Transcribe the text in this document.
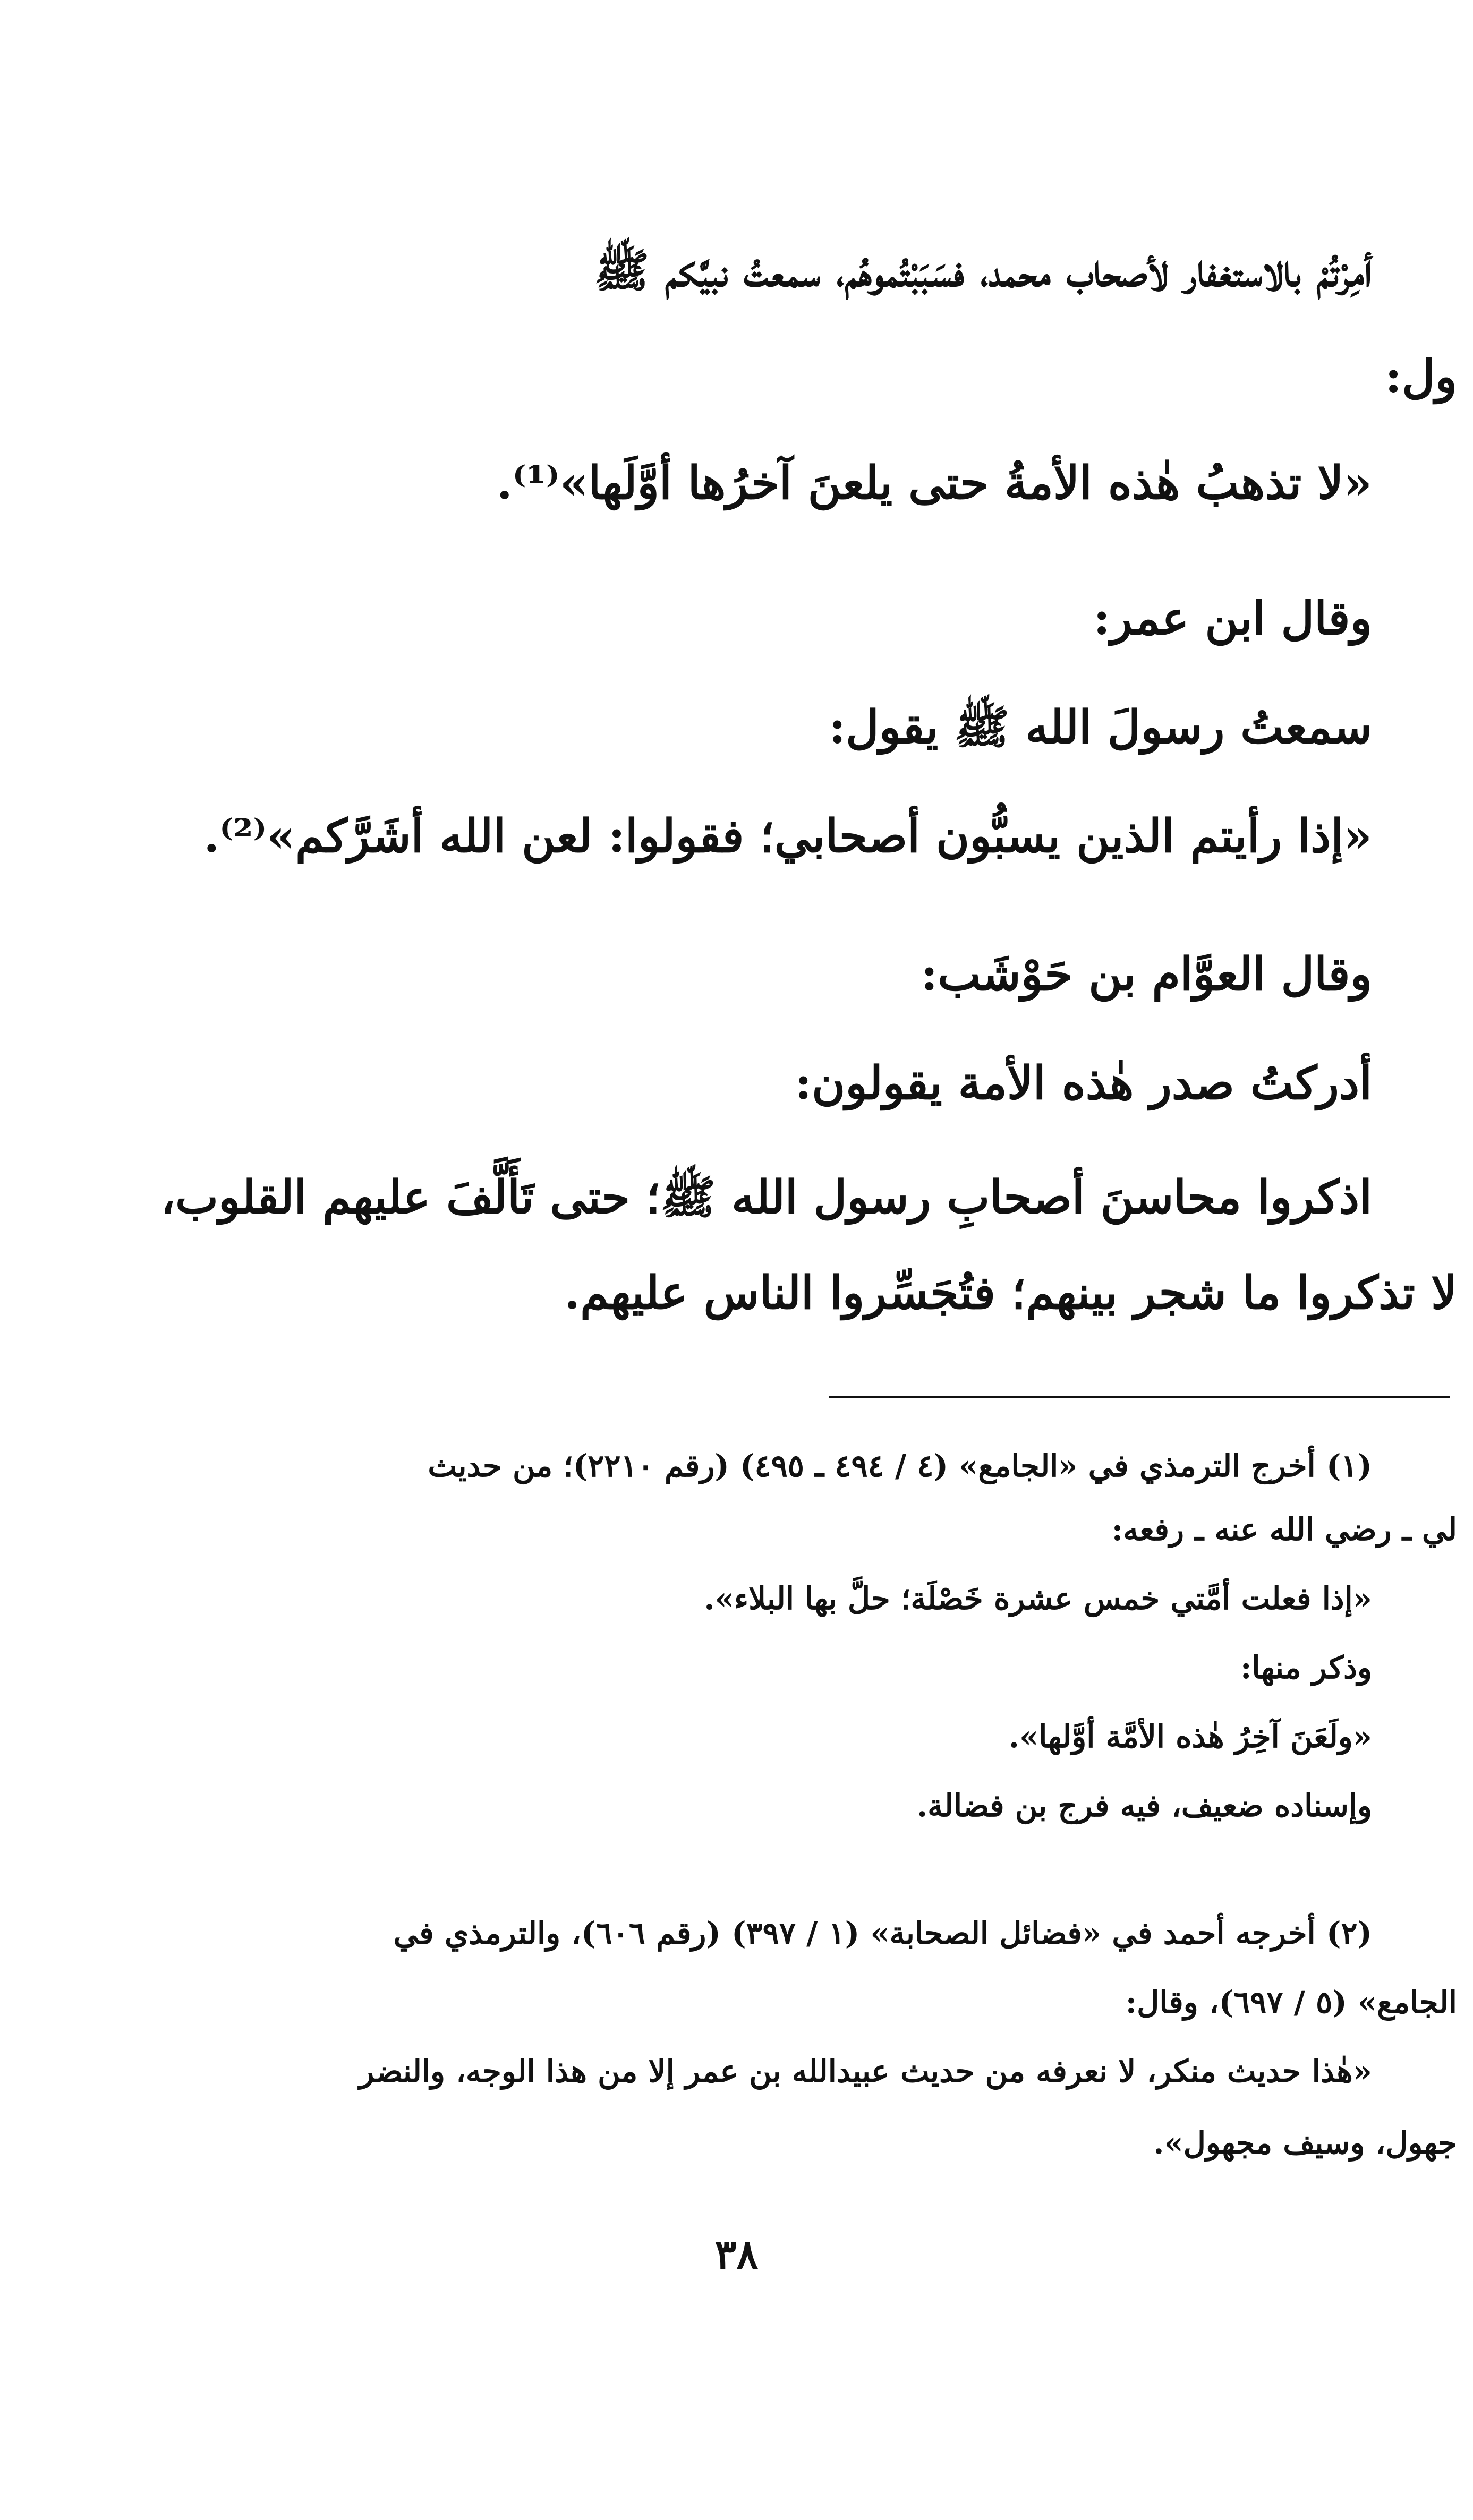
أمِرْتُمْ بالاستغفار لأصحاب محمد، فسَبَبْتُموهُم، سمعتُ نبيَّكم ﷺ
ول:
«لا تذهبُ هٰذه الأمةُ حتى يلعنَ آخرُها أوَّلَها»⁽¹⁾.
وقال ابن عمر:
سمعتُ رسولَ الله ﷺ يقول:
«إذا رأيتم الذين يسبُّون أصحابي؛ فقولوا: لعن الله أشَرَّكم»⁽²⁾.
وقال العوَّام بن حَوْشَب:
أدركتُ صدر هٰذه الأمة يقولون:
اذكروا محاسنَ أصحابِ رسول الله ﷺ؛ حتى تَأَلَّفَ عليهم القلوب،
لا تذكروا ما شجر بينهم؛ فتُجَسِّروا الناس عليهم.
(١) أخرج الترمذي في «الجامع» (٤ / ٤٩٤ ـ ٤٩٥) (رقم ٢٢١٠)؛ من حديث
لي ـ رضي الله عنه ـ رفعه:
«إذا فعلت أمَّتي خمس عشرة خَصْلَة؛ حلَّ بها البلاء».
وذكر منها:
«ولَعَنَ آخِرُ هٰذه الأمَّة أوَّلها».
وإسناده ضعيف، فيه فرج بن فضالة.
(٢) أخرجه أحمد في «فضائل الصحابة» (١ / ٣٩٧) (رقم ٦٠٦)، والترمذي في
الجامع» (٥ / ٦٩٧)، وقال:
«هٰذا حديث منكر، لا نعرفه من حديث عبيدالله بن عمر إلا من هذا الوجه، والنضر
جهول، وسيف مجهول».
٣٨
